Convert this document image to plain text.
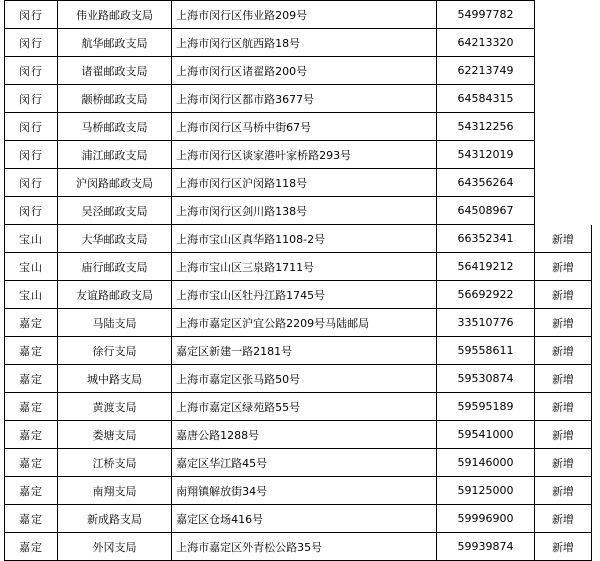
闵行	伟业路邮政支局	上海市闵行区伟业路209号	54997782	
闵行	航华邮政支局	上海市闵行区航西路18号	64213320	
闵行	诸翟邮政支局	上海市闵行区诸翟路200号	62213749	
闵行	颛桥邮政支局	上海市闵行区都市路3677号	64584315	
闵行	马桥邮政支局	上海市闵行区马桥中街67号	54312256	
闵行	浦江邮政支局	上海市闵行区谈家港叶家桥路293号	54312019	
闵行	沪闵路邮政支局	上海市闵行区沪闵路118号	64356264	
闵行	吴泾邮政支局	上海市闵行区剑川路138号	64508967	
宝山	大华邮政支局	上海市宝山区真华路1108-2号	66352341	新增
宝山	庙行邮政支局	上海市宝山区三泉路1711号	56419212	新增
宝山	友谊路邮政支局	上海市宝山区牡丹江路1745号	56692922	新增
嘉定	马陆支局	上海市嘉定区沪宜公路2209号马陆邮局	33510776	新增
嘉定	徐行支局	嘉定区新建一路2181号	59558611	新增
嘉定	城中路支局	上海市嘉定区张马路50号	59530874	新增
嘉定	黄渡支局	上海市嘉定区绿苑路55号	59595189	新增
嘉定	娄塘支局	嘉唐公路1288号	59541000	新增
嘉定	江桥支局	嘉定区华江路45号	59146000	新增
嘉定	南翔支局	南翔镇解放街34号	59125000	新增
嘉定	新成路支局	嘉定区仓场416号	59996900	新增
嘉定	外冈支局	上海市嘉定区外青松公路35号	59939874	新增
